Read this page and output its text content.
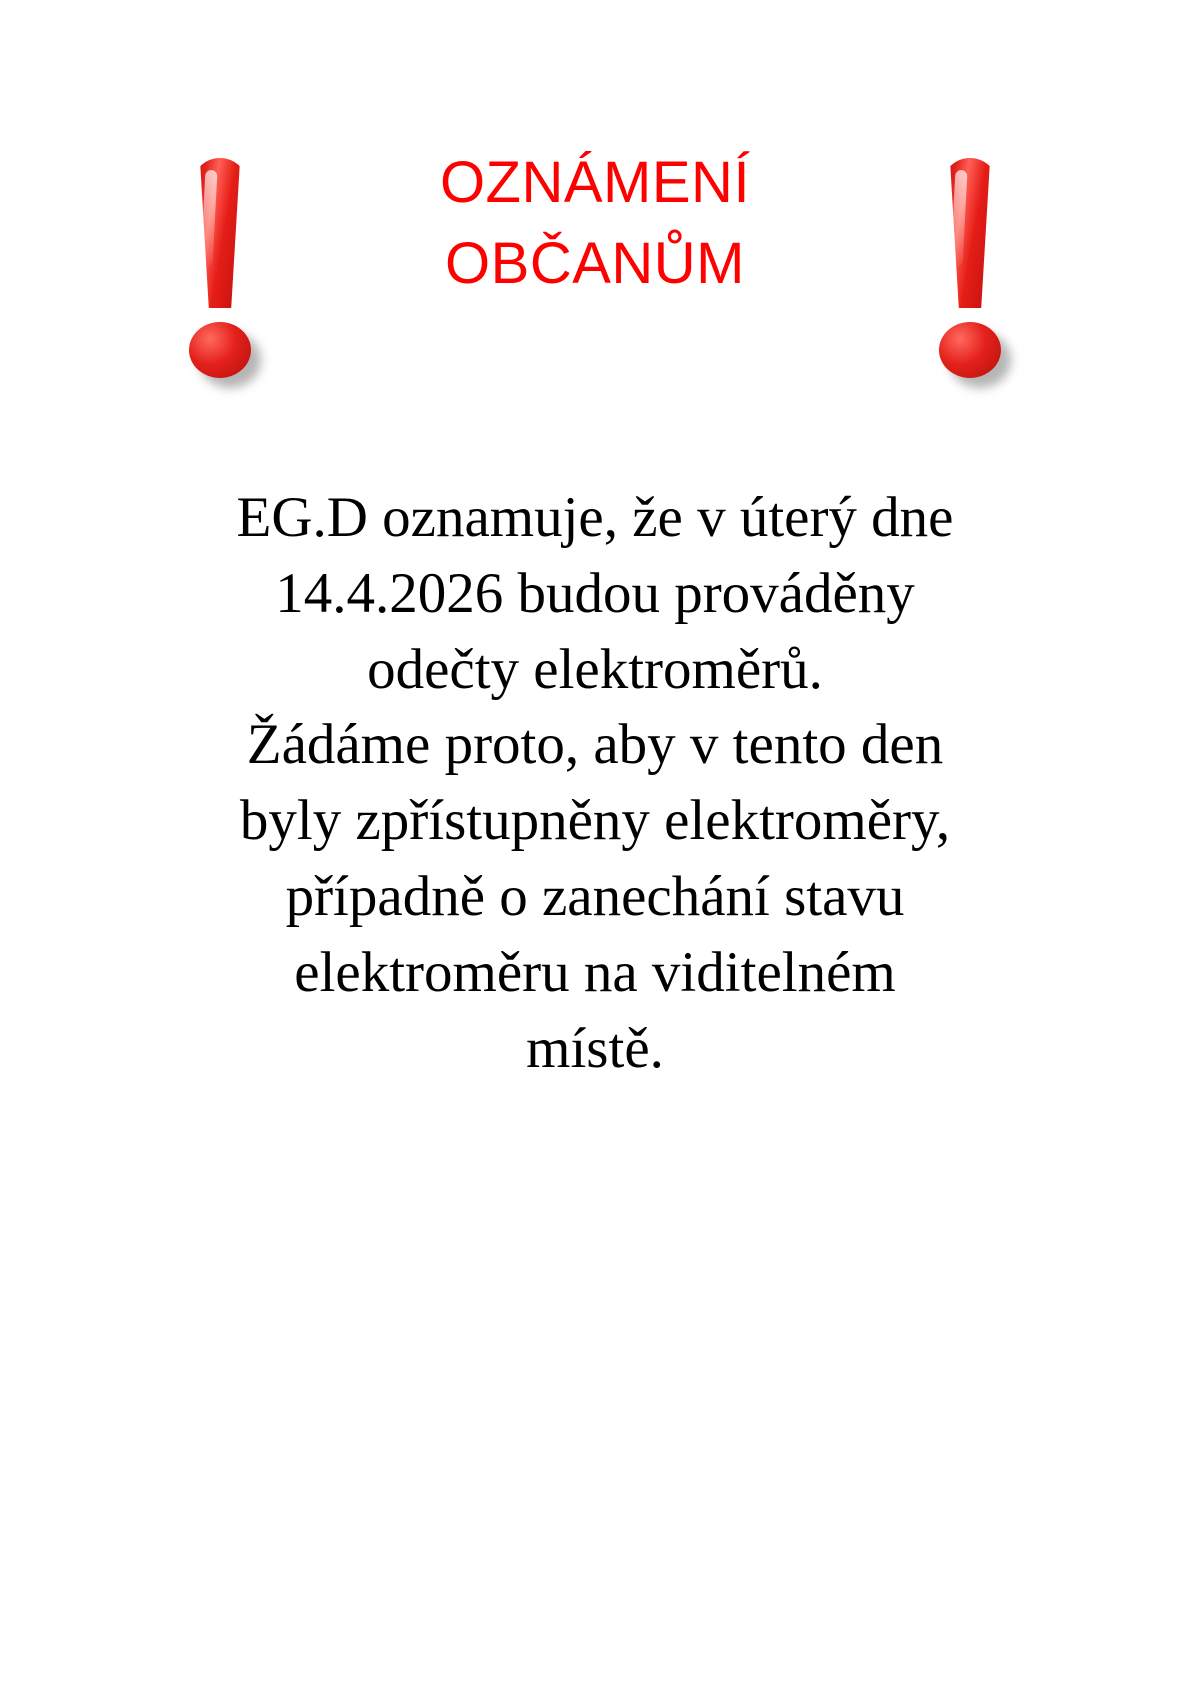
OZNÁMENÍ
OBČANŮM

EG.D oznamuje, že v úterý dne

14.4.2026 budou prováděny

odečty elektroměrů.

Žádáme proto, aby v tento den

byly zpřístupněny elektroměry,

případně o zanechání stavu

elektroměru na viditelném

místě.
